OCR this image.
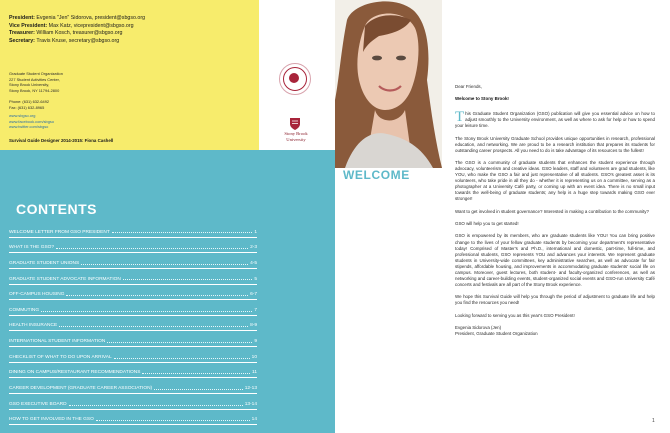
President: Evgenia "Jen" Sidorova, president@sbgso.org
Vice President: Max Katz, vicepresident@sbgso.org
Treasurer: William Kosch, treasurer@sbgso.org
Secretary: Travis Kruse, secretary@sbgso.org
Graduate Student Organization
227 Student Activities Center,
Stony Brook University,
Stony Brook, NY 11794-2800
Phone: (631) 632-6492
Fax: (631) 632-8965
www.sbgso.org
www.facebook.com/sbgso
www.twitter.com/sbgso
Survival Guide Designer 2014-2015: Fiona Cashell
Stony Brook
University
CONTENTS
WELCOME LETTER FROM GSO PRESIDENT	1
WHAT IS THE GSO?	2-3
GRADUATE STUDENT UNIONS	4-5
GRADUATE STUDENT ADVOCATE INFORMATION	5
OFF-CAMPUS HOUSING	6-7
COMMUTING	7
HEALTH INSURANCE	8-9
INTERNATIONAL STUDENT INFORMATION	9
CHECKLIST OF WHAT TO DO UPON ARRIVAL	10
DINING ON CAMPUS/RESTAURANT RECOMMENDATIONS	11
CAREER DEVELOPMENT (GRADUATE CAREER ASSOCIATION)	12-13
GSO EXECUTIVE BOARD	13-14
HOW TO GET INVOLVED IN THE GSO	14
WELCOME

Dear Friends,

Welcome to Stony Brook!

This Graduate Student Organization (GSO) publication will give you essential advice on how to adjust smoothly to the University environment, as well as where to ask for help or how to spend your leisure time.

The Stony Brook University Graduate School provides unique opportunities in research, professional education, and networking. We are proud to be a research institution that prepares its students for outstanding career prospects. All you need to do is take advantage of its resources to the fullest!

The GSO is a community of graduate students that enhances the student experience through advocacy, volunteerism and creative ideas. GSO leaders, staff and volunteers are grad students, like YOU, who make the GSO a fair and just representative of all students. GSO's greatest asset is its volunteers, who take pride in all they do - whether it is representing us on a committee, serving as a photographer at a University Café party, or coming up with an event idea. There is no small input towards the well-being of graduate students; any help is a huge step towards making GSO ever stronger!

Want to get involved in student governance? Interested in making a contribution to the community?

GSO will help you to get started!

GSO is empowered by its members, who are graduate students like YOU! You can bring positive change to the lives of your fellow graduate students by becoming your department's representative today! Comprised of Master's and Ph.D., international and domestic, part-time, full-time, and professional students, GSO represents YOU and advances your interests. We represent graduate students in University-wide committees, key administrative searches, as well as advocate for fair stipends, affordable housing, and improvements in accommodating graduate students' social life on campus. Moreover, guest lectures, both student- and faculty-organized conferences, as well as networking and career-building events, student-organized social events and GSO-run University Café concerts and festivals are all part of the Stony Brook experience.

We hope this Survival Guide will help you through the period of adjustment to graduate life and help you find the resources you need!

Looking forward to serving you as this year's GSO President!

Evgenia Sidorova (Jen)

President, Graduate Student Organization

1
